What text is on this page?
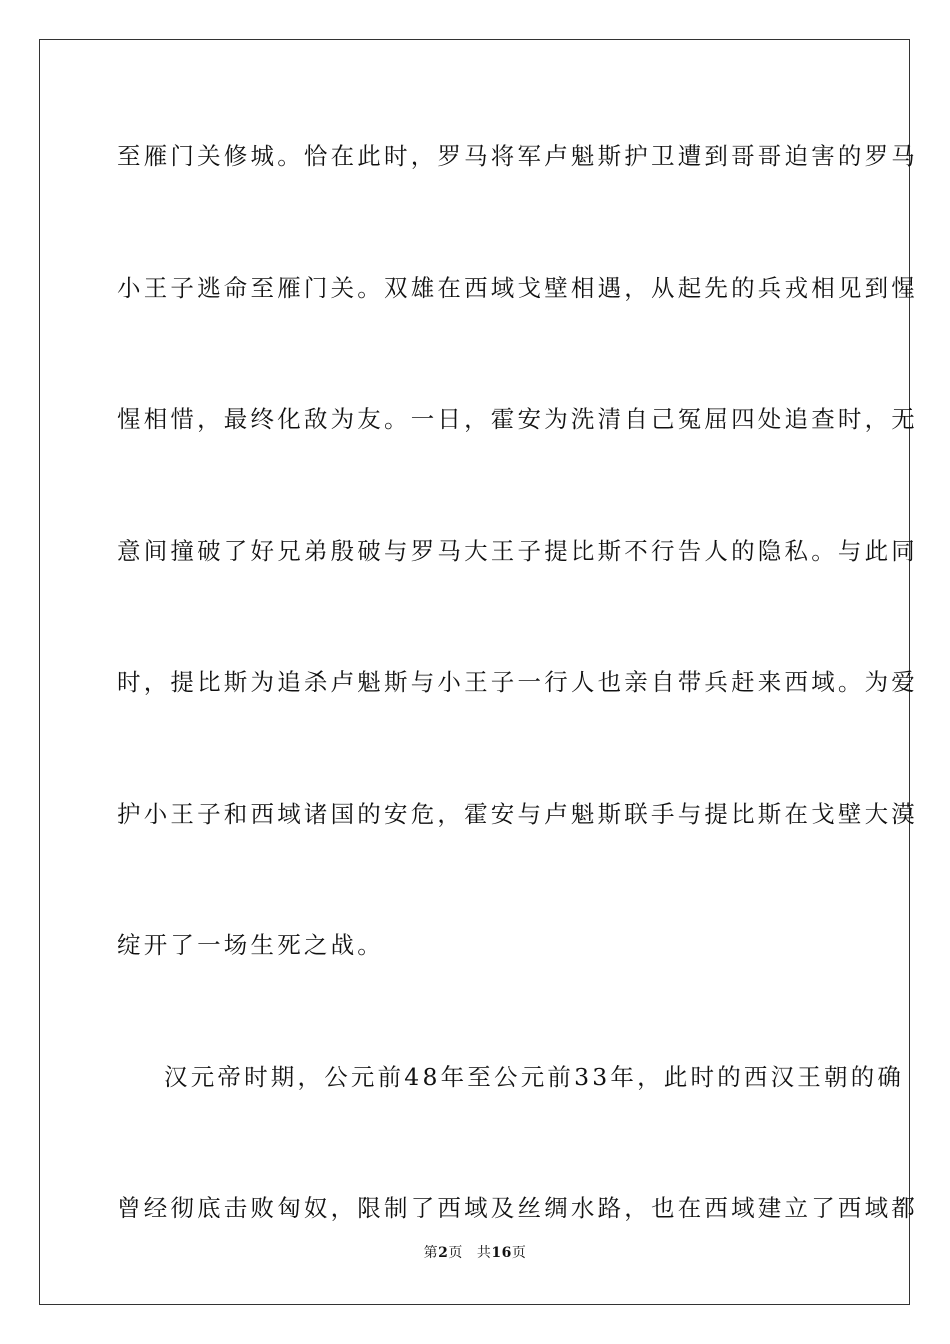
至雁门关修城。恰在此时，罗马将军卢魁斯护卫遭到哥哥迫害的罗马
小王子逃命至雁门关。双雄在西域戈壁相遇，从起先的兵戎相见到惺
惺相惜，最终化敌为友。一日，霍安为洗清自己冤屈四处追查时，无
意间撞破了好兄弟殷破与罗马大王子提比斯不行告人的隐私。与此同
时，提比斯为追杀卢魁斯与小王子一行人也亲自带兵赶来西域。为爱
护小王子和西域诸国的安危，霍安与卢魁斯联手与提比斯在戈壁大漠
绽开了一场生死之战。
汉元帝时期，公元前48年至公元前33年，此时的西汉王朝的确
曾经彻底击败匈奴，限制了西域及丝绸水路，也在西域建立了西域都
第2页 共16页
